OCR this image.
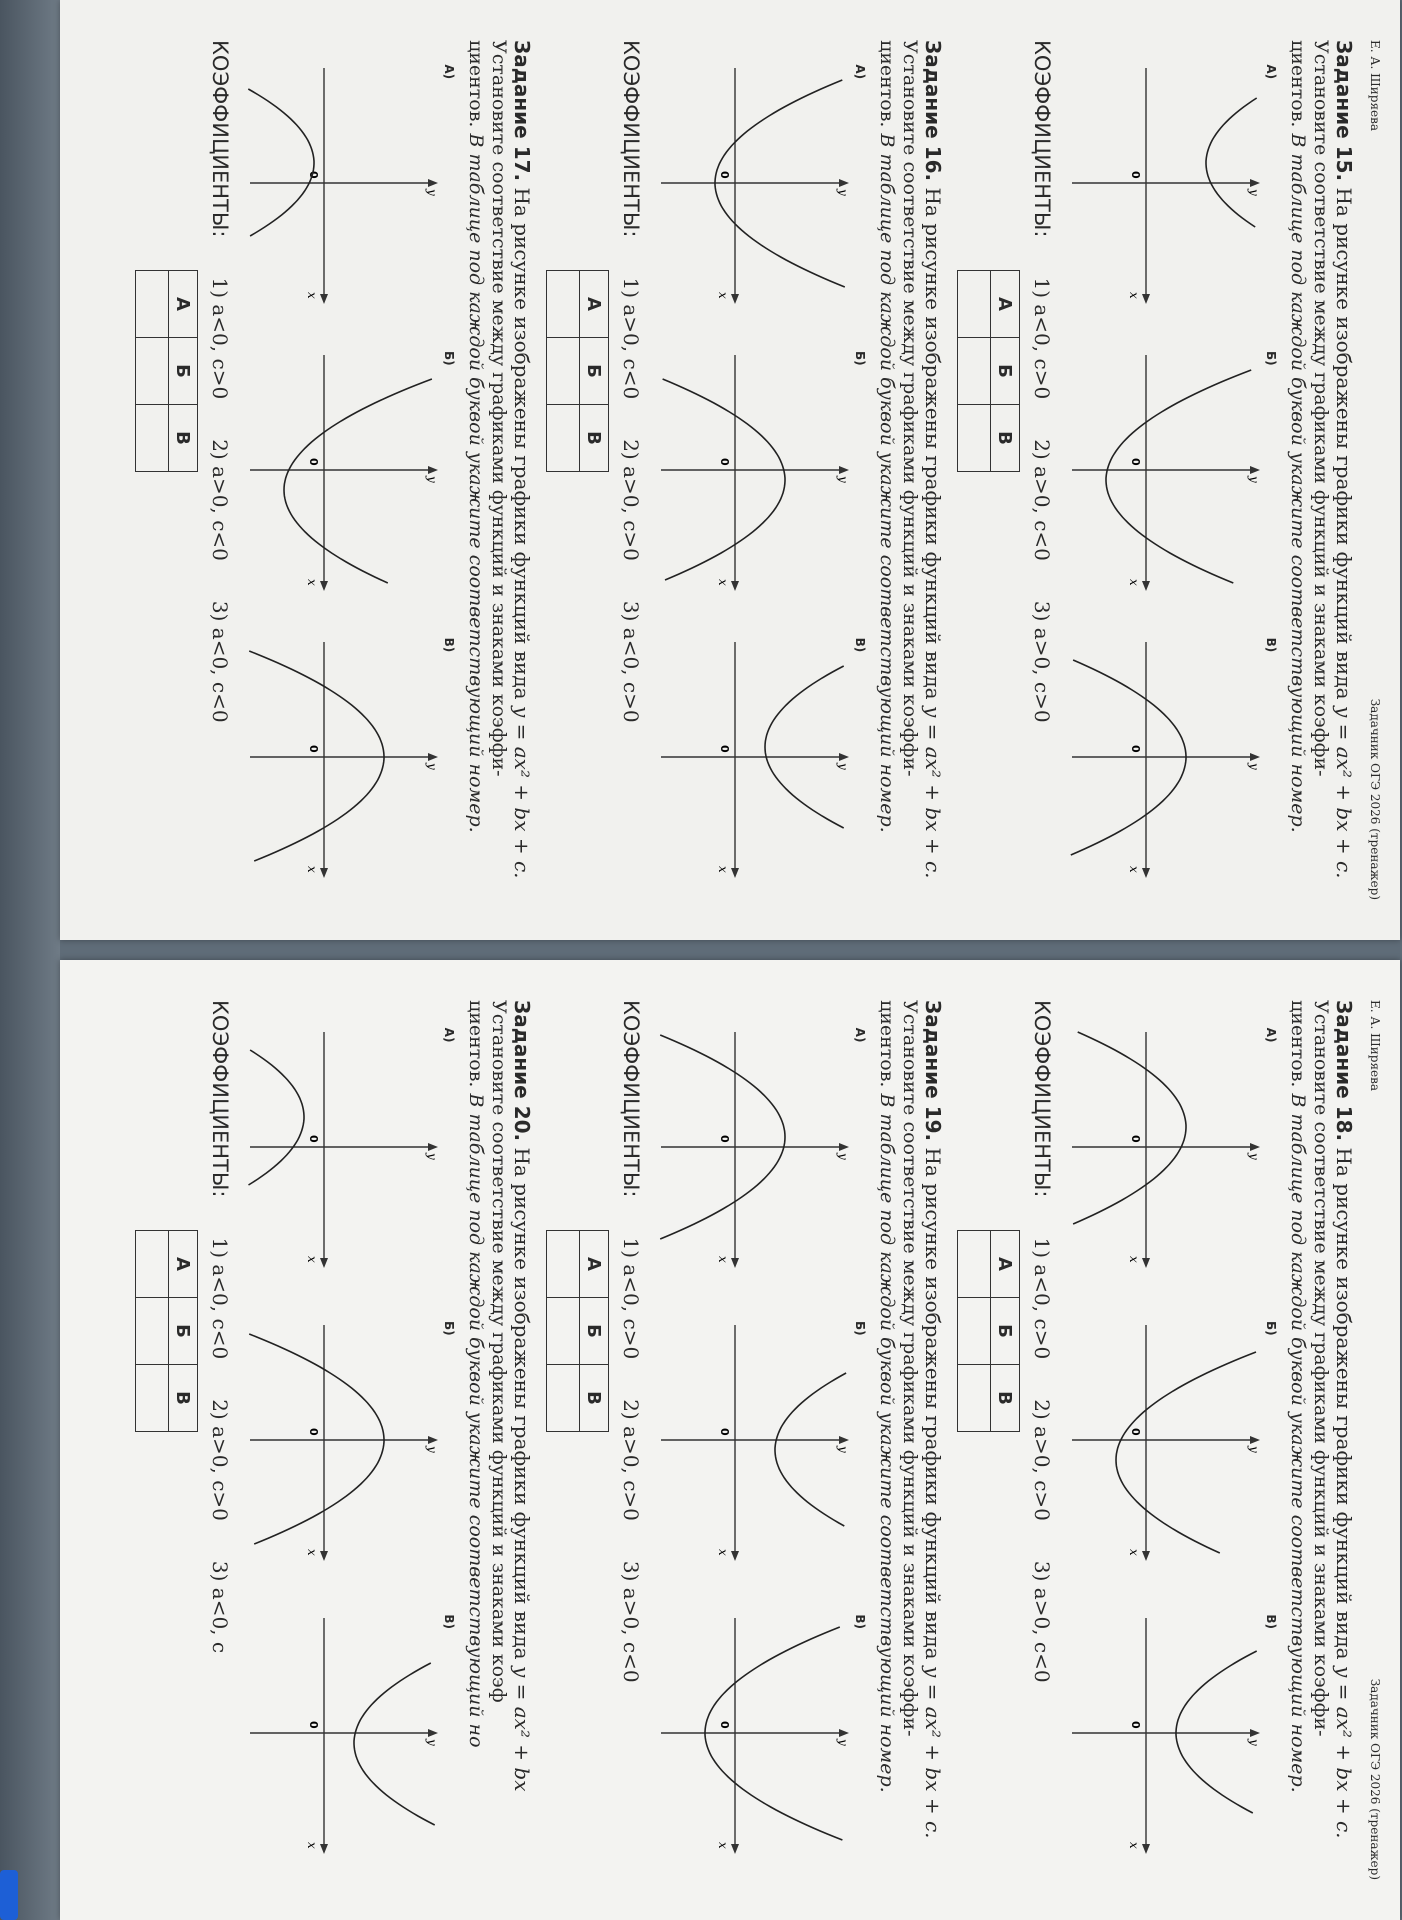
Е. А. Ширяева
Задачник ОГЭ 2026 (тренажер)

Задание 15. На рисунке изображены графики функций вида y = ax² + bx + c.

Установите соответствие между графиками функций и знаками коэффи-

циентов. В таблице под каждой буквой укажите соответствующий номер.

А)
x
y
0
Б)
x
y
0
В)
x
y
0
КОЭФФИЦИЕНТЫ:
1) a<0, c>0
2) a>0, c<0
3) a>0, c>0
А	Б	В

Задание 16. На рисунке изображены графики функций вида y = ax² + bx + c.

Установите соответствие между графиками функций и знаками коэффи-

циентов. В таблице под каждой буквой укажите соответствующий номер.

А)
x
y
0
Б)
x
y
0
В)
x
y
0
КОЭФФИЦИЕНТЫ:
1) a>0, c<0
2) a>0, c>0
3) a<0, c>0
А	Б	В

Задание 17. На рисунке изображены графики функций вида y = ax² + bx + c.

Установите соответствие между графиками функций и знаками коэффи-

циентов. В таблице под каждой буквой укажите соответствующий номер.

А)
x
y
0
Б)
x
y
0
В)
x
y
0
КОЭФФИЦИЕНТЫ:
1) a<0, c>0
2) a>0, c<0
3) a<0, c<0
А	Б	В

Е. А. Ширяева
Задачник ОГЭ 2026 (тренажер)

Задание 18. На рисунке изображены графики функций вида y = ax² + bx + c.

Установите соответствие между графиками функций и знаками коэффи-

циентов. В таблице под каждой буквой укажите соответствующий номер.

А)
x
y
0
Б)
x
y
0
В)
x
y
0
КОЭФФИЦИЕНТЫ:
1) a<0, c>0
2) a>0, c>0
3) a>0, c<0
А	Б	В

Задание 19. На рисунке изображены графики функций вида y = ax² + bx + c.

Установите соответствие между графиками функций и знаками коэффи-

циентов. В таблице под каждой буквой укажите соответствующий номер.

А)
x
y
0
Б)
x
y
0
В)
x
y
0
КОЭФФИЦИЕНТЫ:
1) a<0, c>0
2) a>0, c>0
3) a>0, c<0
А	Б	В

Задание 20. На рисунке изображены графики функций вида y = ax² + bx

Установите соответствие между графиками функций и знаками коэф

циентов. В таблице под каждой буквой укажите соответствующий но

А)
x
y
0
Б)
x
y
0
В)
x
y
0
КОЭФФИЦИЕНТЫ:
1) a<0, c<0
2) a>0, c>0
3) a<0, c
А	Б	В
